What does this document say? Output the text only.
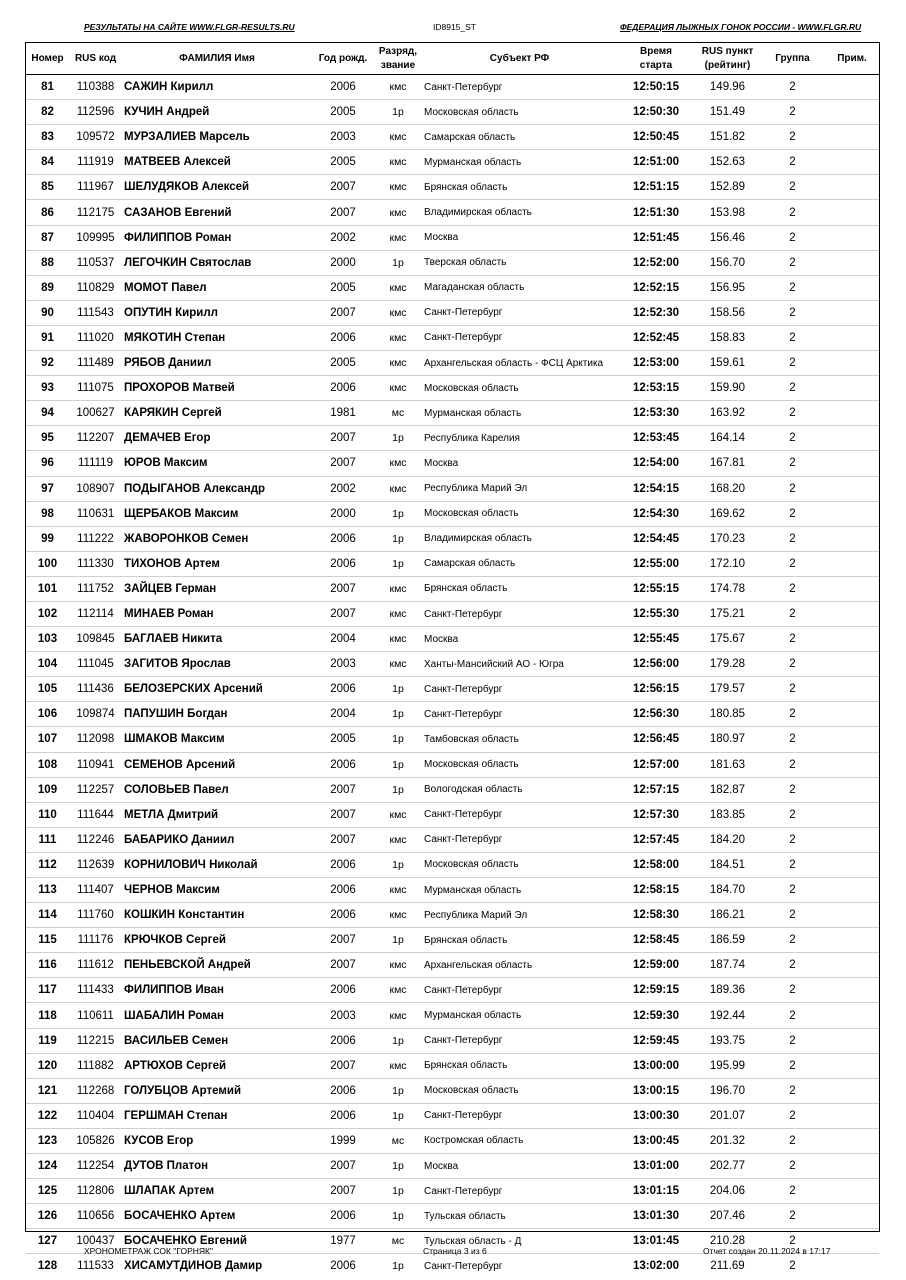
РЕЗУЛЬТАТЫ НА САЙТЕ WWW.FLGR-RESULTS.RU	ID8915_ST	ФЕДЕРАЦИЯ ЛЫЖНЫХ ГОНОК РОССИИ - WWW.FLGR.RU
Номер	RUS код	ФАМИЛИЯ Имя	Год рожд.	Разряд,
звание	Субъект РФ	Время
старта	RUS пункт
(рейтинг)	Группа	Прим.
81	110388	САЖИН Кирилл	2006	кмс	Санкт-Петербург	12:50:15	149.96	2	
82	112596	КУЧИН Андрей	2005	1р	Московская область	12:50:30	151.49	2	
83	109572	МУРЗАЛИЕВ Марсель	2003	кмс	Самарская область	12:50:45	151.82	2	
84	111919	МАТВЕЕВ Алексей	2005	кмс	Мурманская область	12:51:00	152.63	2	
85	111967	ШЕЛУДЯКОВ Алексей	2007	кмс	Брянская область	12:51:15	152.89	2	
86	112175	САЗАНОВ Евгений	2007	кмс	Владимирская область	12:51:30	153.98	2	
87	109995	ФИЛИППОВ Роман	2002	кмс	Москва	12:51:45	156.46	2	
88	110537	ЛЕГОЧКИН Святослав	2000	1р	Тверская область	12:52:00	156.70	2	
89	110829	МОМОТ Павел	2005	кмс	Магаданская область	12:52:15	156.95	2	
90	111543	ОПУТИН Кирилл	2007	кмс	Санкт-Петербург	12:52:30	158.56	2	
91	111020	МЯКОТИН Степан	2006	кмс	Санкт-Петербург	12:52:45	158.83	2	
92	111489	РЯБОВ Даниил	2005	кмс	Архангельская область - ФСЦ Арктика	12:53:00	159.61	2	
93	111075	ПРОХОРОВ Матвей	2006	кмс	Московская область	12:53:15	159.90	2	
94	100627	КАРЯКИН Сергей	1981	мс	Мурманская область	12:53:30	163.92	2	
95	112207	ДЕМАЧЕВ Егор	2007	1р	Республика Карелия	12:53:45	164.14	2	
96	111119	ЮРОВ Максим	2007	кмс	Москва	12:54:00	167.81	2	
97	108907	ПОДЫГАНОВ Александр	2002	кмс	Республика Марий Эл	12:54:15	168.20	2	
98	110631	ЩЕРБАКОВ Максим	2000	1р	Московская область	12:54:30	169.62	2	
99	111222	ЖАВОРОНКОВ Семен	2006	1р	Владимирская область	12:54:45	170.23	2	
100	111330	ТИХОНОВ Артем	2006	1р	Самарская область	12:55:00	172.10	2	
101	111752	ЗАЙЦЕВ Герман	2007	кмс	Брянская область	12:55:15	174.78	2	
102	112114	МИНАЕВ Роман	2007	кмс	Санкт-Петербург	12:55:30	175.21	2	
103	109845	БАГЛАЕВ Никита	2004	кмс	Москва	12:55:45	175.67	2	
104	111045	ЗАГИТОВ Ярослав	2003	кмс	Ханты-Мансийский АО - Югра	12:56:00	179.28	2	
105	111436	БЕЛОЗЕРСКИХ Арсений	2006	1р	Санкт-Петербург	12:56:15	179.57	2	
106	109874	ПАПУШИН Богдан	2004	1р	Санкт-Петербург	12:56:30	180.85	2	
107	112098	ШМАКОВ Максим	2005	1р	Тамбовская область	12:56:45	180.97	2	
108	110941	СЕМЕНОВ Арсений	2006	1р	Московская область	12:57:00	181.63	2	
109	112257	СОЛОВЬЕВ Павел	2007	1р	Вологодская область	12:57:15	182.87	2	
110	111644	МЕТЛА Дмитрий	2007	кмс	Санкт-Петербург	12:57:30	183.85	2	
111	112246	БАБАРИКО Даниил	2007	кмс	Санкт-Петербург	12:57:45	184.20	2	
112	112639	КОРНИЛОВИЧ Николай	2006	1р	Московская область	12:58:00	184.51	2	
113	111407	ЧЕРНОВ Максим	2006	кмс	Мурманская область	12:58:15	184.70	2	
114	111760	КОШКИН Константин	2006	кмс	Республика Марий Эл	12:58:30	186.21	2	
115	111176	КРЮЧКОВ Сергей	2007	1р	Брянская область	12:58:45	186.59	2	
116	111612	ПЕНЬЕВСКОЙ Андрей	2007	кмс	Архангельская область	12:59:00	187.74	2	
117	111433	ФИЛИППОВ Иван	2006	кмс	Санкт-Петербург	12:59:15	189.36	2	
118	110611	ШАБАЛИН Роман	2003	кмс	Мурманская область	12:59:30	192.44	2	
119	112215	ВАСИЛЬЕВ Семен	2006	1р	Санкт-Петербург	12:59:45	193.75	2	
120	111882	АРТЮХОВ Сергей	2007	кмс	Брянская область	13:00:00	195.99	2	
121	112268	ГОЛУБЦОВ Артемий	2006	1р	Московская область	13:00:15	196.70	2	
122	110404	ГЕРШМАН Степан	2006	1р	Санкт-Петербург	13:00:30	201.07	2	
123	105826	КУСОВ Егор	1999	мс	Костромская область	13:00:45	201.32	2	
124	112254	ДУТОВ Платон	2007	1р	Москва	13:01:00	202.77	2	
125	112806	ШЛАПАК Артем	2007	1р	Санкт-Петербург	13:01:15	204.06	2	
126	110656	БОСАЧЕНКО Артем	2006	1р	Тульская область	13:01:30	207.46	2	
127	100437	БОСАЧЕНКО Евгений	1977	мс	Тульская область - Д	13:01:45	210.28	2	
128	111533	ХИСАМУТДИНОВ Дамир	2006	1р	Санкт-Петербург	13:02:00	211.69	2	
ХРОНОМЕТРАЖ СОК "ГОРНЯК"	Страница 3 из 6	Отчет создан 20.11.2024 в 17:17
